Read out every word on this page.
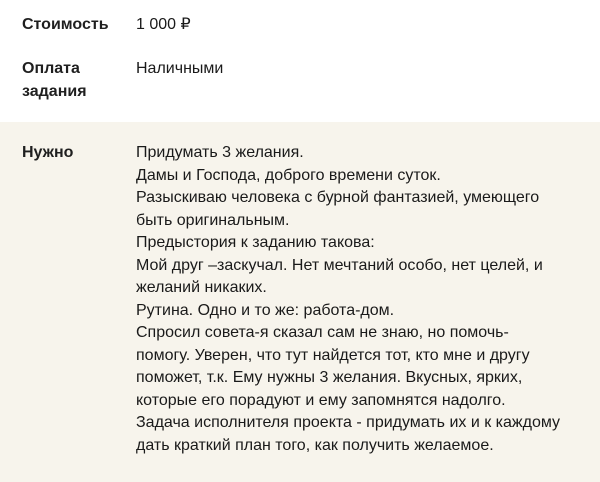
Стоимость	1 000 ₽
Оплата
задания
Наличными
Нужно	Придумать 3 желания.
Дамы и Господа, доброго времени суток.
Разыскиваю человека с бурной фантазией, умеющего
быть оригинальным.
Предыстория к заданию такова:
Мой друг –заскучал. Нет мечтаний особо, нет целей, и
желаний никаких.
Рутина. Одно и то же: работа-дом.
Спросил совета-я сказал сам не знаю, но помочь-
помогу. Уверен, что тут найдется тот, кто мне и другу
поможет, т.к. Ему нужны 3 желания. Вкусных, ярких,
которые его порадуют и ему запомнятся надолго.
Задача исполнителя проекта - придумать их и к каждому
дать краткий план того, как получить желаемое.
